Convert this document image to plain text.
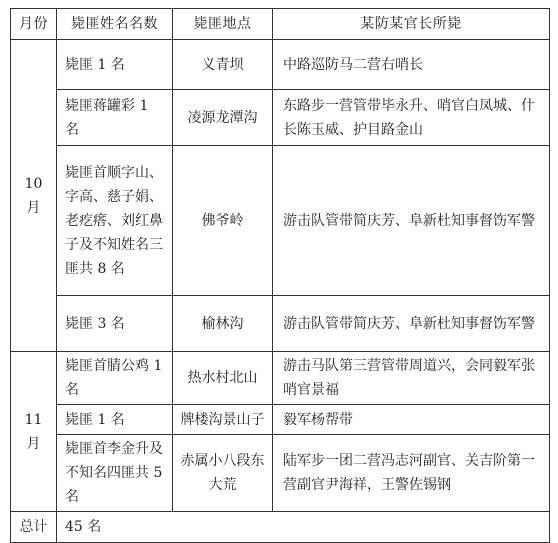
月份	毙匪姓名名数	毙匪地点	某防某官长所毙
10 月	毙匪 1 名	义青坝	中路巡防马二营右哨长
	毙匪蒋罐彩 1 名	凌源龙潭沟	东路步一营管带毕永升、哨官白凤城、什长陈玉威、护目路金山
	毙匪首顺字山、字高、慈子娟、老疙瘩、刘红鼻子及不知姓名三匪共 8 名	佛爷岭	游击队管带简庆芳、阜新杜知事督饬军警
	毙匪 3 名	榆林沟	游击队管带简庆芳、阜新杜知事督饬军警
11 月	毙匪首腈公鸡 1 名	热水村北山	游击马队第三营管带周道兴，会同毅军张哨官景福
	毙匪 1 名	牌楼沟景山子	毅军杨帮带
	毙匪首李金升及不知名四匪共 5 名	赤属小八段东大荒	陆军步一团二营冯志河副官、关吉阶第一营副官尹海祥，王警佐锡钢
总计	45 名		
